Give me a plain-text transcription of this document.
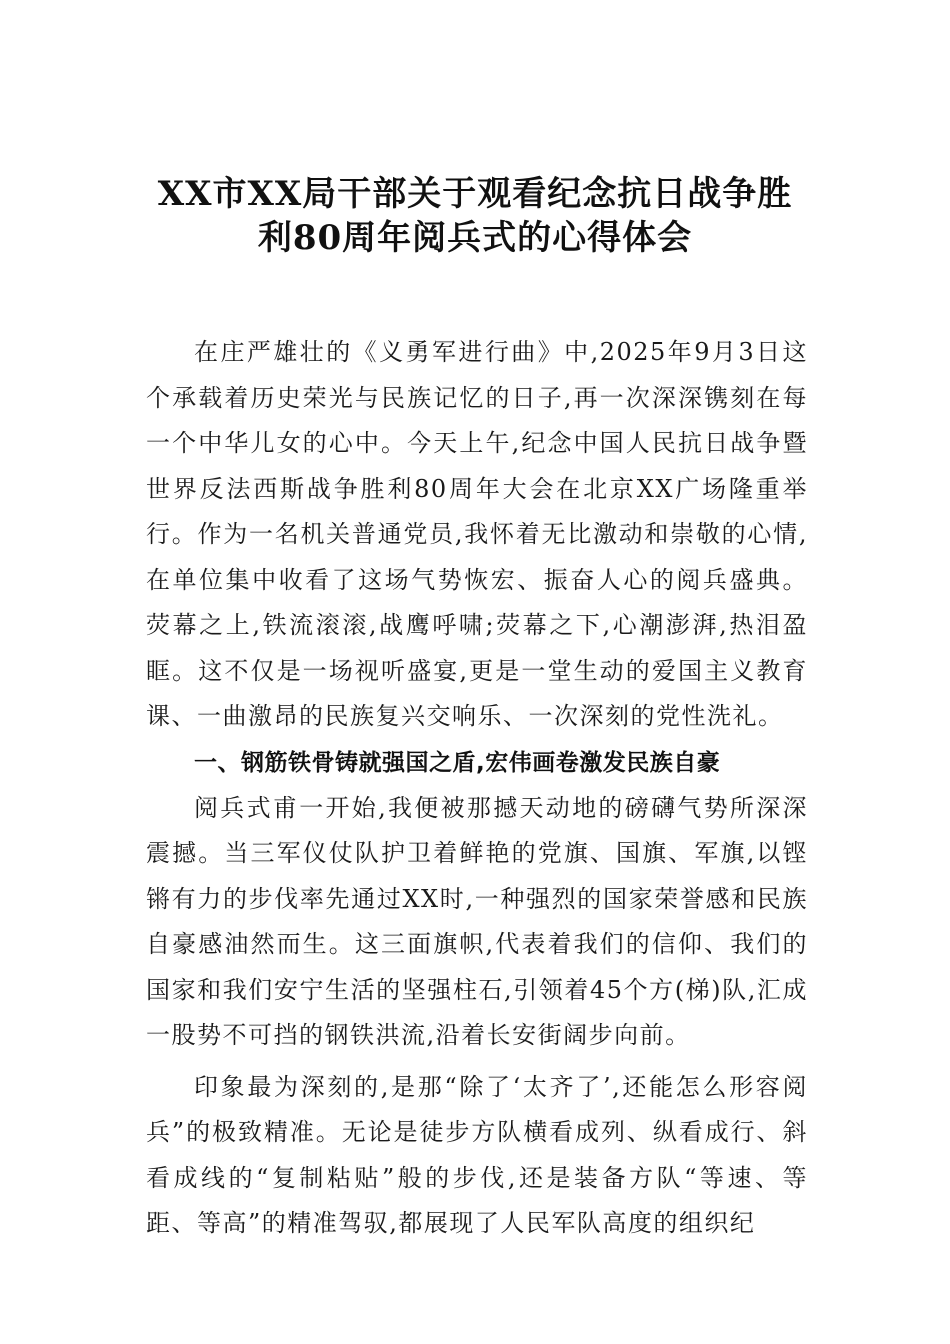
XX市XX局干部关于观看纪念抗日战争胜
利80周年阅兵式的心得体会

在庄严雄壮的《义勇军进行曲》中,2025年9月3日这个承载着历史荣光与民族记忆的日子,再一次深深镌刻在每一个中华儿女的心中。今天上午,纪念中国人民抗日战争暨世界反法西斯战争胜利80周年大会在北京XX广场隆重举行。作为一名机关普通党员,我怀着无比激动和崇敬的心情,在单位集中收看了这场气势恢宏、振奋人心的阅兵盛典。荧幕之上,铁流滚滚,战鹰呼啸;荧幕之下,心潮澎湃,热泪盈眶。这不仅是一场视听盛宴,更是一堂生动的爱国主义教育课、一曲激昂的民族复兴交响乐、一次深刻的党性洗礼。

一、钢筋铁骨铸就强国之盾,宏伟画卷激发民族自豪

阅兵式甫一开始,我便被那撼天动地的磅礴气势所深深震撼。当三军仪仗队护卫着鲜艳的党旗、国旗、军旗,以铿锵有力的步伐率先通过XX时,一种强烈的国家荣誉感和民族自豪感油然而生。这三面旗帜,代表着我们的信仰、我们的国家和我们安宁生活的坚强柱石,引领着45个方(梯)队,汇成一股势不可挡的钢铁洪流,沿着长安街阔步向前。

印象最为深刻的,是那“除了‘太齐了’,还能怎么形容阅兵”的极致精准。无论是徒步方队横看成列、纵看成行、斜看成线的“复制粘贴”般的步伐,还是装备方队“等速、等距、等高”的精准驾驭,都展现了人民军队高度的组织纪
